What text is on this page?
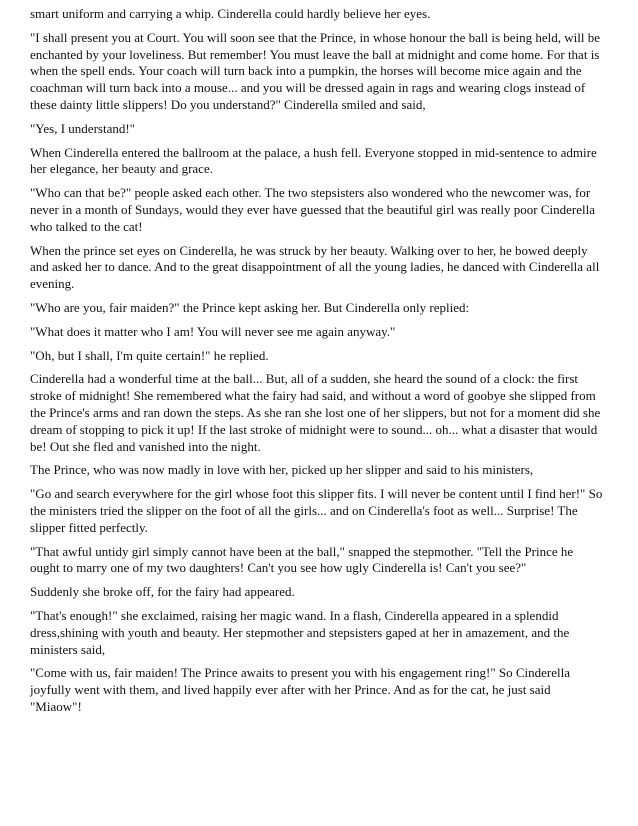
smart uniform and carrying a whip. Cinderella could hardly believe her eyes.

"I shall present you at Court. You will soon see that the Prince, in whose honour the ball is being held, will be enchanted by your loveliness. But remember! You must leave the ball at midnight and come home. For that is when the spell ends. Your coach will turn back into a pumpkin, the horses will become mice again and the coachman will turn back into a mouse... and you will be dressed again in rags and wearing clogs instead of these dainty little slippers! Do you understand?" Cinderella smiled and said,

"Yes, I understand!"

When Cinderella entered the ballroom at the palace, a hush fell. Everyone stopped in mid-sentence to admire her elegance, her beauty and grace.

"Who can that be?" people asked each other. The two stepsisters also wondered who the newcomer was, for never in a month of Sundays, would they ever have guessed that the beautiful girl was really poor Cinderella who talked to the cat!

When the prince set eyes on Cinderella, he was struck by her beauty. Walking over to her, he bowed deeply and asked her to dance. And to the great disappointment of all the young ladies, he danced with Cinderella all evening.

"Who are you, fair maiden?" the Prince kept asking her. But Cinderella only replied:

"What does it matter who I am! You will never see me again anyway."

"Oh, but I shall, I'm quite certain!" he replied.

Cinderella had a wonderful time at the ball... But, all of a sudden, she heard the sound of a clock: the first stroke of midnight! She remembered what the fairy had said, and without a word of goobye she slipped from the Prince's arms and ran down the steps. As she ran she lost one of her slippers, but not for a moment did she dream of stopping to pick it up! If the last stroke of midnight were to sound... oh... what a disaster that would be! Out she fled and vanished into the night.

The Prince, who was now madly in love with her, picked up her slipper and said to his ministers,

"Go and search everywhere for the girl whose foot this slipper fits. I will never be content until I find her!" So the ministers tried the slipper on the foot of all the girls... and on Cinderella's foot as well... Surprise! The slipper fitted perfectly.

"That awful untidy girl simply cannot have been at the ball," snapped the stepmother. "Tell the Prince he ought to marry one of my two daughters! Can't you see how ugly Cinderella is! Can't you see?"

Suddenly she broke off, for the fairy had appeared.

"That's enough!" she exclaimed, raising her magic wand. In a flash, Cinderella appeared in a splendid dress,shining with youth and beauty. Her stepmother and stepsisters gaped at her in amazement, and the ministers said,

"Come with us, fair maiden! The Prince awaits to present you with his engagement ring!" So Cinderella joyfully went with them, and lived happily ever after with her Prince. And as for the cat, he just said "Miaow"!
